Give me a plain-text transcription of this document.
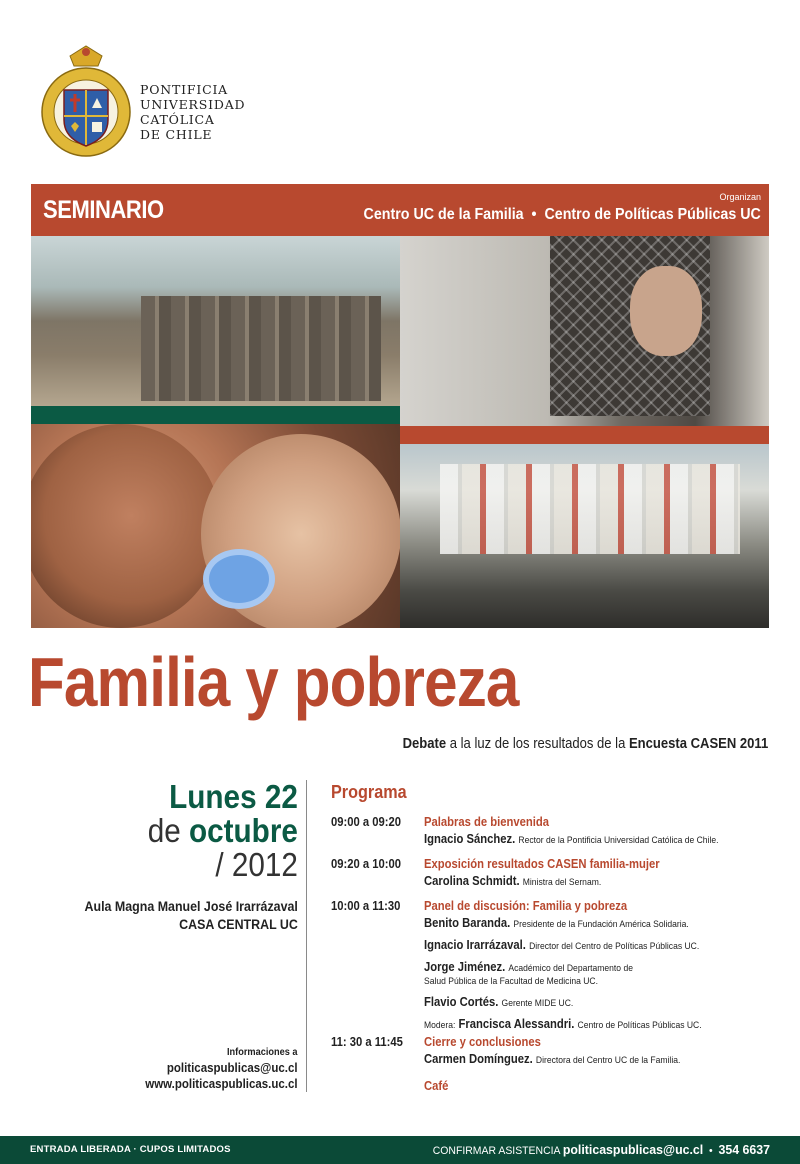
PONTIFICIA
UNIVERSIDAD
CATÓLICA
DE CHILE
SEMINARIO	Organizan
Centro UC de la Familia • Centro de Políticas Públicas UC
Familia y pobreza
Debate a la luz de los resultados de la Encuesta CASEN 2011
Lunes 22
de octubre
/ 2012
Aula Magna Manuel José Irarrázaval
CASA CENTRAL UC
Informaciones a
politicaspublicas@uc.cl
www.politicaspublicas.uc.cl
Programa
09:00 a 09:20 Palabras de bienvenida
Ignacio Sánchez. Rector de la Pontificia Universidad Católica de Chile.
09:20 a 10:00 Exposición resultados CASEN familia-mujer
Carolina Schmidt. Ministra del Sernam.
10:00 a 11:30 Panel de discusión: Familia y pobreza
Benito Baranda. Presidente de la Fundación América Solidaria.
Ignacio Irarrázaval. Director del Centro de Políticas Públicas UC.
Jorge Jiménez. Académico del Departamento de
Salud Pública de la Facultad de Medicina UC.
Flavio Cortés. Gerente MIDE UC.
Modera: Francisca Alessandri. Centro de Políticas Públicas UC.
11: 30 a 11:45 Cierre y conclusiones
Carmen Domínguez. Directora del Centro UC de la Familia.
Café
ENTRADA LIBERADA · CUPOS LIMITADOS	CONFIRMAR ASISTENCIA politicaspublicas@uc.cl • 354 6637
